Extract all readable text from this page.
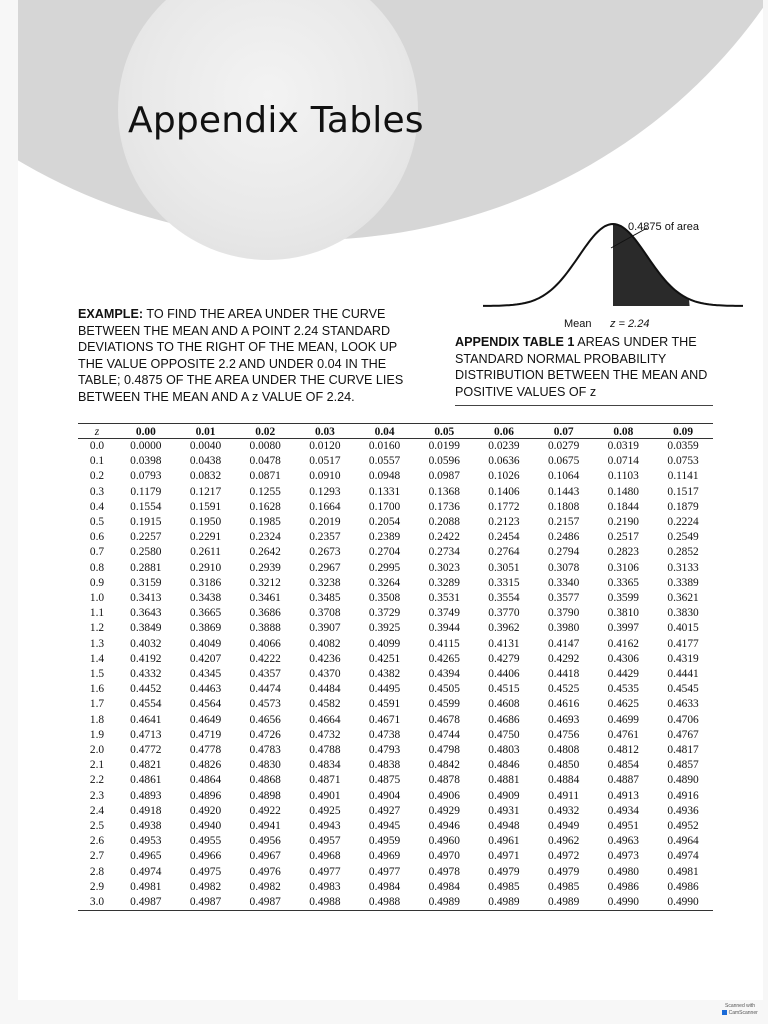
Appendix Tables
0.4875 of area
Mean z = 2.24
EXAMPLE: TO FIND THE AREA UNDER THE CURVE BETWEEN THE MEAN AND A POINT 2.24 STANDARD DEVIATIONS TO THE RIGHT OF THE MEAN, LOOK UP THE VALUE OPPOSITE 2.2 AND UNDER 0.04 IN THE TABLE; 0.4875 OF THE AREA UNDER THE CURVE LIES BETWEEN THE MEAN AND A z VALUE OF 2.24.
APPENDIX TABLE 1 AREAS UNDER THE STANDARD NORMAL PROBABILITY DISTRIBUTION BETWEEN THE MEAN AND POSITIVE VALUES OF z
z	0.00	0.01	0.02	0.03	0.04	0.05	0.06	0.07	0.08	0.09
0.0	0.0000	0.0040	0.0080	0.0120	0.0160	0.0199	0.0239	0.0279	0.0319	0.0359
0.1	0.0398	0.0438	0.0478	0.0517	0.0557	0.0596	0.0636	0.0675	0.0714	0.0753
0.2	0.0793	0.0832	0.0871	0.0910	0.0948	0.0987	0.1026	0.1064	0.1103	0.1141
0.3	0.1179	0.1217	0.1255	0.1293	0.1331	0.1368	0.1406	0.1443	0.1480	0.1517
0.4	0.1554	0.1591	0.1628	0.1664	0.1700	0.1736	0.1772	0.1808	0.1844	0.1879
0.5	0.1915	0.1950	0.1985	0.2019	0.2054	0.2088	0.2123	0.2157	0.2190	0.2224
0.6	0.2257	0.2291	0.2324	0.2357	0.2389	0.2422	0.2454	0.2486	0.2517	0.2549
0.7	0.2580	0.2611	0.2642	0.2673	0.2704	0.2734	0.2764	0.2794	0.2823	0.2852
0.8	0.2881	0.2910	0.2939	0.2967	0.2995	0.3023	0.3051	0.3078	0.3106	0.3133
0.9	0.3159	0.3186	0.3212	0.3238	0.3264	0.3289	0.3315	0.3340	0.3365	0.3389
1.0	0.3413	0.3438	0.3461	0.3485	0.3508	0.3531	0.3554	0.3577	0.3599	0.3621
1.1	0.3643	0.3665	0.3686	0.3708	0.3729	0.3749	0.3770	0.3790	0.3810	0.3830
1.2	0.3849	0.3869	0.3888	0.3907	0.3925	0.3944	0.3962	0.3980	0.3997	0.4015
1.3	0.4032	0.4049	0.4066	0.4082	0.4099	0.4115	0.4131	0.4147	0.4162	0.4177
1.4	0.4192	0.4207	0.4222	0.4236	0.4251	0.4265	0.4279	0.4292	0.4306	0.4319
1.5	0.4332	0.4345	0.4357	0.4370	0.4382	0.4394	0.4406	0.4418	0.4429	0.4441
1.6	0.4452	0.4463	0.4474	0.4484	0.4495	0.4505	0.4515	0.4525	0.4535	0.4545
1.7	0.4554	0.4564	0.4573	0.4582	0.4591	0.4599	0.4608	0.4616	0.4625	0.4633
1.8	0.4641	0.4649	0.4656	0.4664	0.4671	0.4678	0.4686	0.4693	0.4699	0.4706
1.9	0.4713	0.4719	0.4726	0.4732	0.4738	0.4744	0.4750	0.4756	0.4761	0.4767
2.0	0.4772	0.4778	0.4783	0.4788	0.4793	0.4798	0.4803	0.4808	0.4812	0.4817
2.1	0.4821	0.4826	0.4830	0.4834	0.4838	0.4842	0.4846	0.4850	0.4854	0.4857
2.2	0.4861	0.4864	0.4868	0.4871	0.4875	0.4878	0.4881	0.4884	0.4887	0.4890
2.3	0.4893	0.4896	0.4898	0.4901	0.4904	0.4906	0.4909	0.4911	0.4913	0.4916
2.4	0.4918	0.4920	0.4922	0.4925	0.4927	0.4929	0.4931	0.4932	0.4934	0.4936
2.5	0.4938	0.4940	0.4941	0.4943	0.4945	0.4946	0.4948	0.4949	0.4951	0.4952
2.6	0.4953	0.4955	0.4956	0.4957	0.4959	0.4960	0.4961	0.4962	0.4963	0.4964
2.7	0.4965	0.4966	0.4967	0.4968	0.4969	0.4970	0.4971	0.4972	0.4973	0.4974
2.8	0.4974	0.4975	0.4976	0.4977	0.4977	0.4978	0.4979	0.4979	0.4980	0.4981
2.9	0.4981	0.4982	0.4982	0.4983	0.4984	0.4984	0.4985	0.4985	0.4986	0.4986
3.0	0.4987	0.4987	0.4987	0.4988	0.4988	0.4989	0.4989	0.4989	0.4990	0.4990
Scanned with
CamScanner
